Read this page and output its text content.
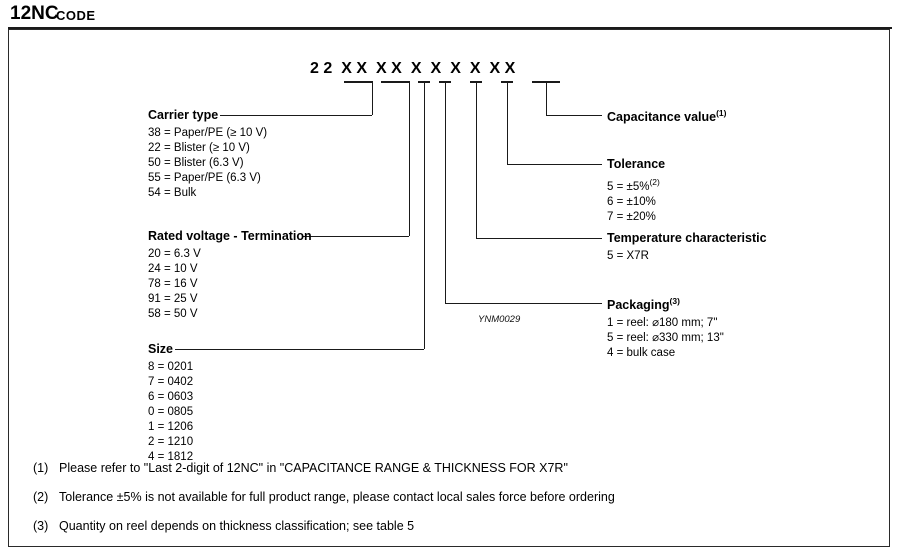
12NC
CODE
2 2 X X X X X X X X X X
YNM0029
Carrier type
38 = Paper/PE (≥ 10 V)
22 = Blister (≥ 10 V)
50 = Blister (6.3 V)
55 = Paper/PE (6.3 V)
54 = Bulk
Rated voltage - Termination
20 = 6.3 V
24 = 10 V
78 = 16 V
91 = 25 V
58 = 50 V
Size
8 = 0201
7 = 0402
6 = 0603
0 = 0805
1 = 1206
2 = 1210
4 = 1812
Capacitance value$^{(1)}$
Tolerance
5 = ±5%$^{(2)}$
6 = ±10%
7 = ±20%
Temperature characteristic
5 = X7R
Packaging$^{(3)}$
1 = reel: ⌀180 mm; 7"
5 = reel: ⌀330 mm; 13"
4 = bulk case
(1) Please refer to "Last 2-digit of 12NC" in "CAPACITANCE RANGE & THICKNESS FOR X7R"
(2) Tolerance ±5% is not available for full product range, please contact local sales force before ordering
(3) Quantity on reel depends on thickness classification; see table 5
